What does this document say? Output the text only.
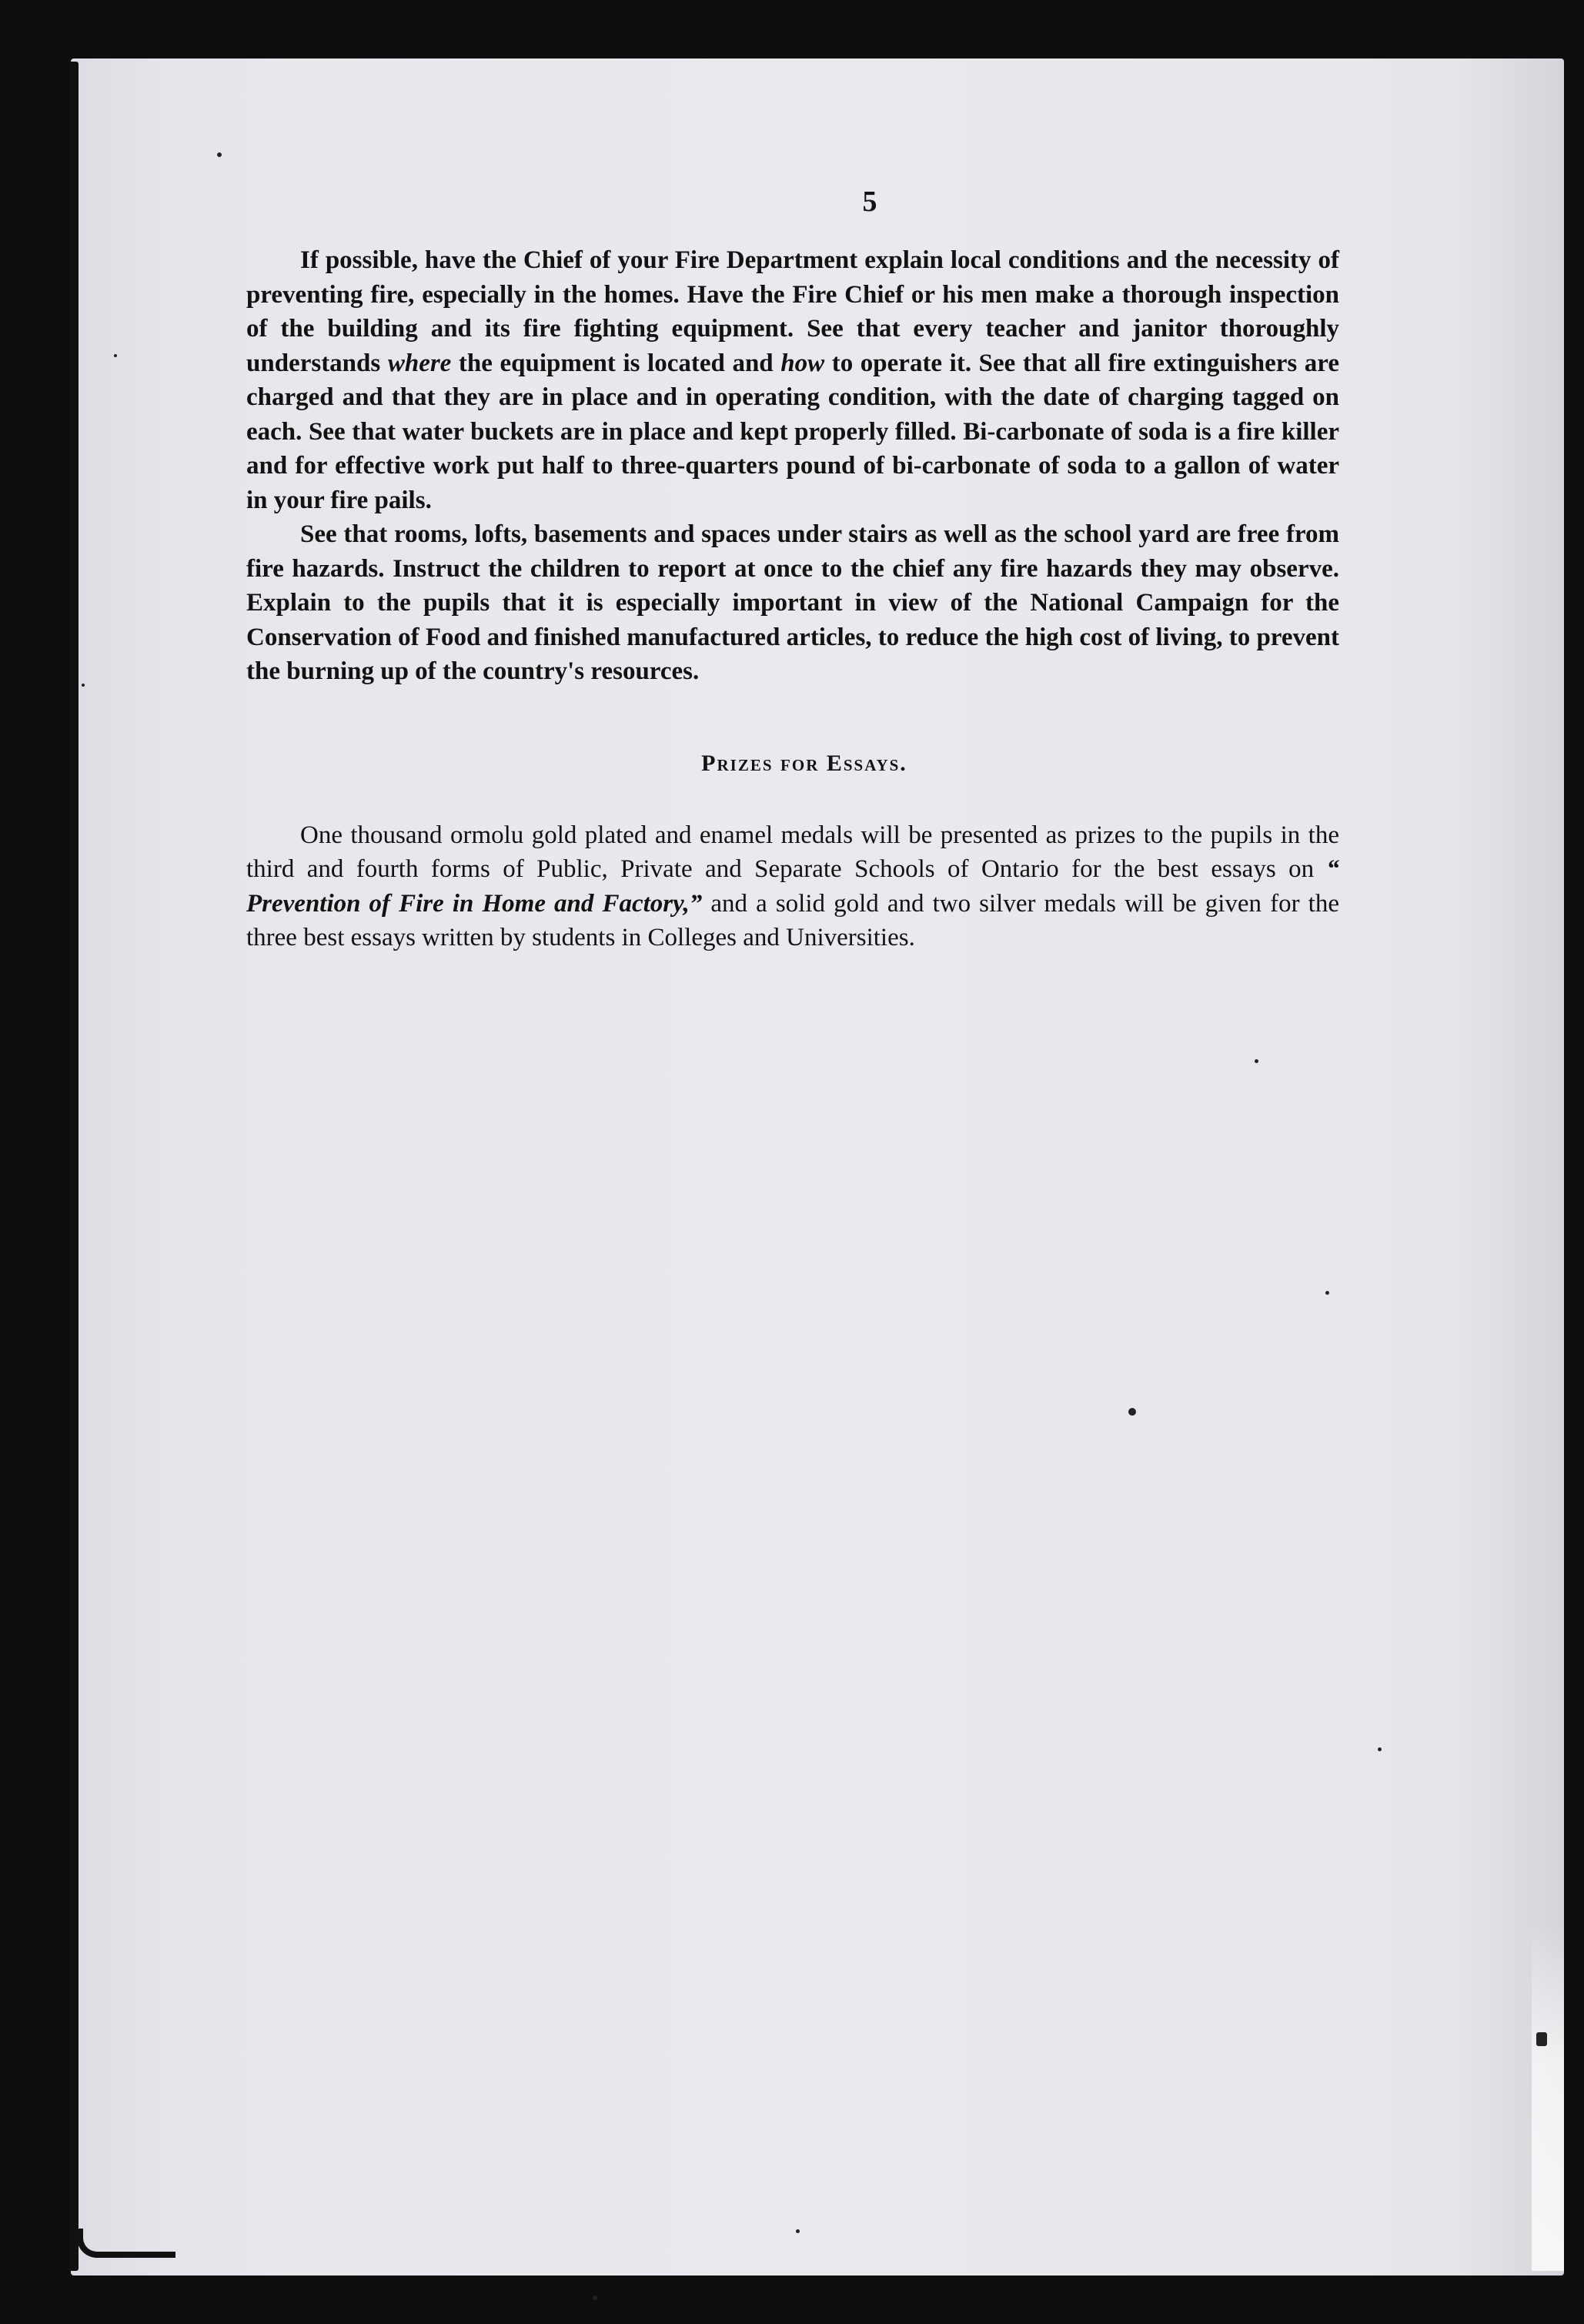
5

If possible, have the Chief of your Fire Department explain local conditions and the necessity of preventing fire, especially in the homes. Have the Fire Chief or his men make a thorough inspection of the building and its fire fighting equipment. See that every teacher and janitor thoroughly understands where the equipment is located and how to operate it. See that all fire extinguishers are charged and that they are in place and in operating condition, with the date of charging tagged on each. See that water buckets are in place and kept properly filled. Bi-carbonate of soda is a fire killer and for effective work put half to three-quarters pound of bi-carbonate of soda to a gallon of water in your fire pails.

See that rooms, lofts, basements and spaces under stairs as well as the school yard are free from fire hazards. Instruct the children to report at once to the chief any fire hazards they may observe. Explain to the pupils that it is especially important in view of the National Campaign for the Conservation of Food and finished manufactured articles, to reduce the high cost of living, to prevent the burning up of the country's resources.

Prizes for Essays.

One thousand ormolu gold plated and enamel medals will be presented as prizes to the pupils in the third and fourth forms of Public, Private and Separate Schools of Ontario for the best essays on “ Prevention of Fire in Home and Factory,” and a solid gold and two silver medals will be given for the three best essays written by students in Colleges and Universities.
